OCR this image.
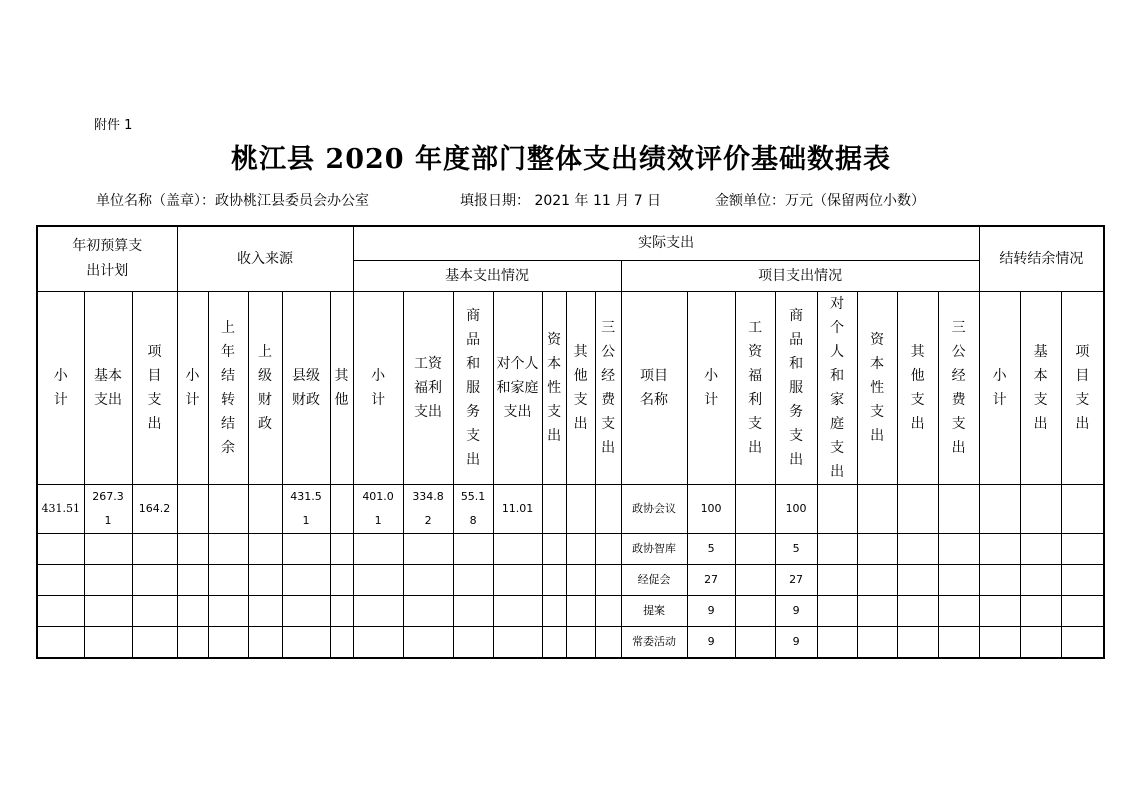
附件 1
桃江县 2020 年度部门整体支出绩效评价基础数据表
单位名称（盖章）：政协桃江县委员会办公室	填报日期： 2021 年 11 月 7 日	金额单位：万元（保留两位小数）
年初预算支出计划			收入来源					实际支出															结转结余情况		
								基本支出情况							项目支出情况										
小计	基本支出	项目支出	小计	上年结转结余	上级财政	县级财政	其他	小计	工资福利支出	商品和服务支出	对个人和家庭支出	资本性支出	其他支出	三公经费支出	项目名称	小计	工资福利支出	商品和服务支出	对个人和家庭支出	资本性支出	其他支出	三公经费支出	小计	基本支出	项目支出
431.51	267.31	164.2				431.51		401.01	334.82	55.18	11.01				政协会议	100		100							
															政协智库	5		5							
															经促会	27		27							
															提案	9		9							
															常委活动	9		9							
